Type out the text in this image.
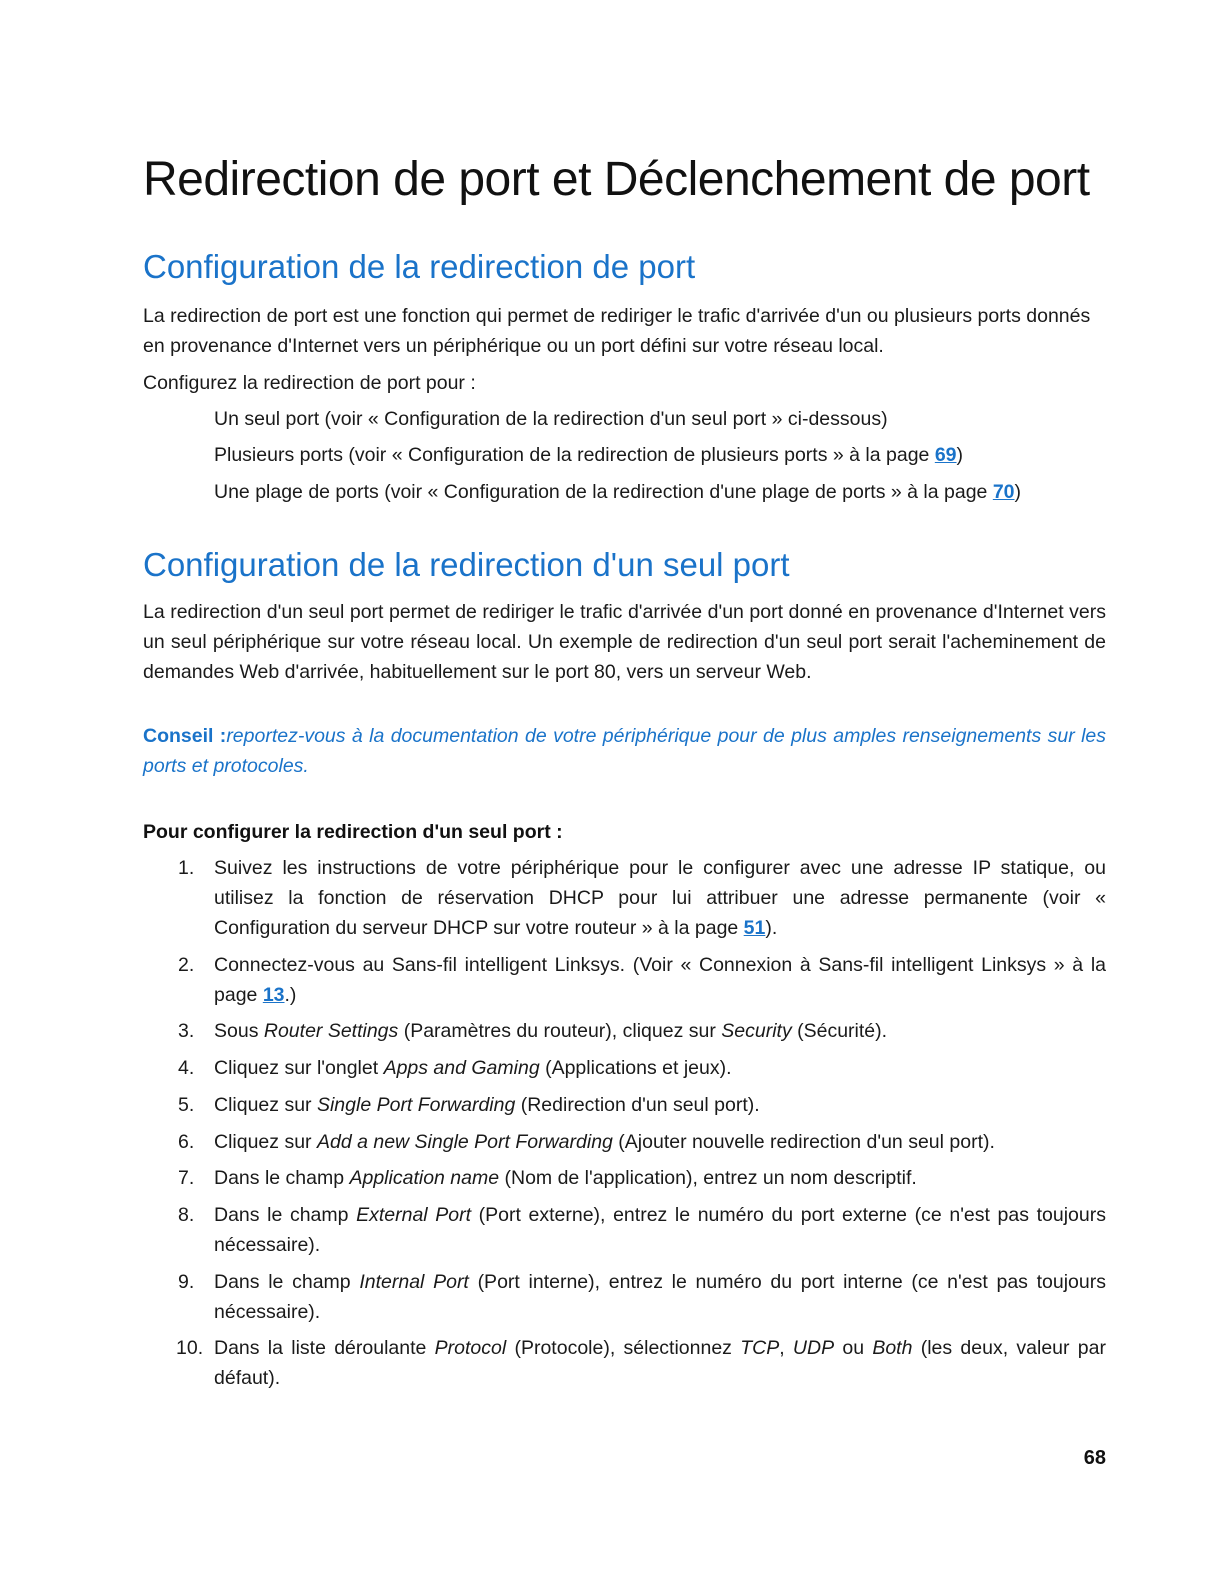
Redirection de port et Déclenchement de port
Configuration de la redirection de port

La redirection de port est une fonction qui permet de rediriger le trafic d'arrivée d'un ou plusieurs ports donnés en provenance d'Internet vers un périphérique ou un port défini sur votre réseau local.

Configurez la redirection de port pour :

Un seul port (voir « Configuration de la redirection d'un seul port » ci-dessous)

Plusieurs ports (voir « Configuration de la redirection de plusieurs ports » à la page 69)

Une plage de ports (voir « Configuration de la redirection d'une plage de ports » à la page 70)

Configuration de la redirection d'un seul port

La redirection d'un seul port permet de rediriger le trafic d'arrivée d'un port donné en provenance d'Internet vers un seul périphérique sur votre réseau local. Un exemple de redirection d'un seul port serait l'acheminement de demandes Web d'arrivée, habituellement sur le port 80, vers un serveur Web.

Conseil :reportez-vous à la documentation de votre périphérique pour de plus amples renseignements sur les ports et protocoles.

Pour configurer la redirection d'un seul port :

1.	Suivez les instructions de votre périphérique pour le configurer avec une adresse IP statique, ou utilisez la fonction de réservation DHCP pour lui attribuer une adresse permanente (voir « Configuration du serveur DHCP sur votre routeur » à la page 51).
2.	Connectez-vous au Sans-fil intelligent Linksys. (Voir « Connexion à Sans-fil intelligent Linksys » à la page 13.)
3.	Sous Router Settings (Paramètres du routeur), cliquez sur Security (Sécurité).
4.	Cliquez sur l'onglet Apps and Gaming (Applications et jeux).
5.	Cliquez sur Single Port Forwarding (Redirection d'un seul port).
6.	Cliquez sur Add a new Single Port Forwarding (Ajouter nouvelle redirection d'un seul port).
7.	Dans le champ Application name (Nom de l'application), entrez un nom descriptif.
8.	Dans le champ External Port (Port externe), entrez le numéro du port externe (ce n'est pas toujours nécessaire).
9.	Dans le champ Internal Port (Port interne), entrez le numéro du port interne (ce n'est pas toujours nécessaire).
10. Dans la liste déroulante Protocol (Protocole), sélectionnez TCP, UDP ou Both (les deux, valeur par défaut).

68
